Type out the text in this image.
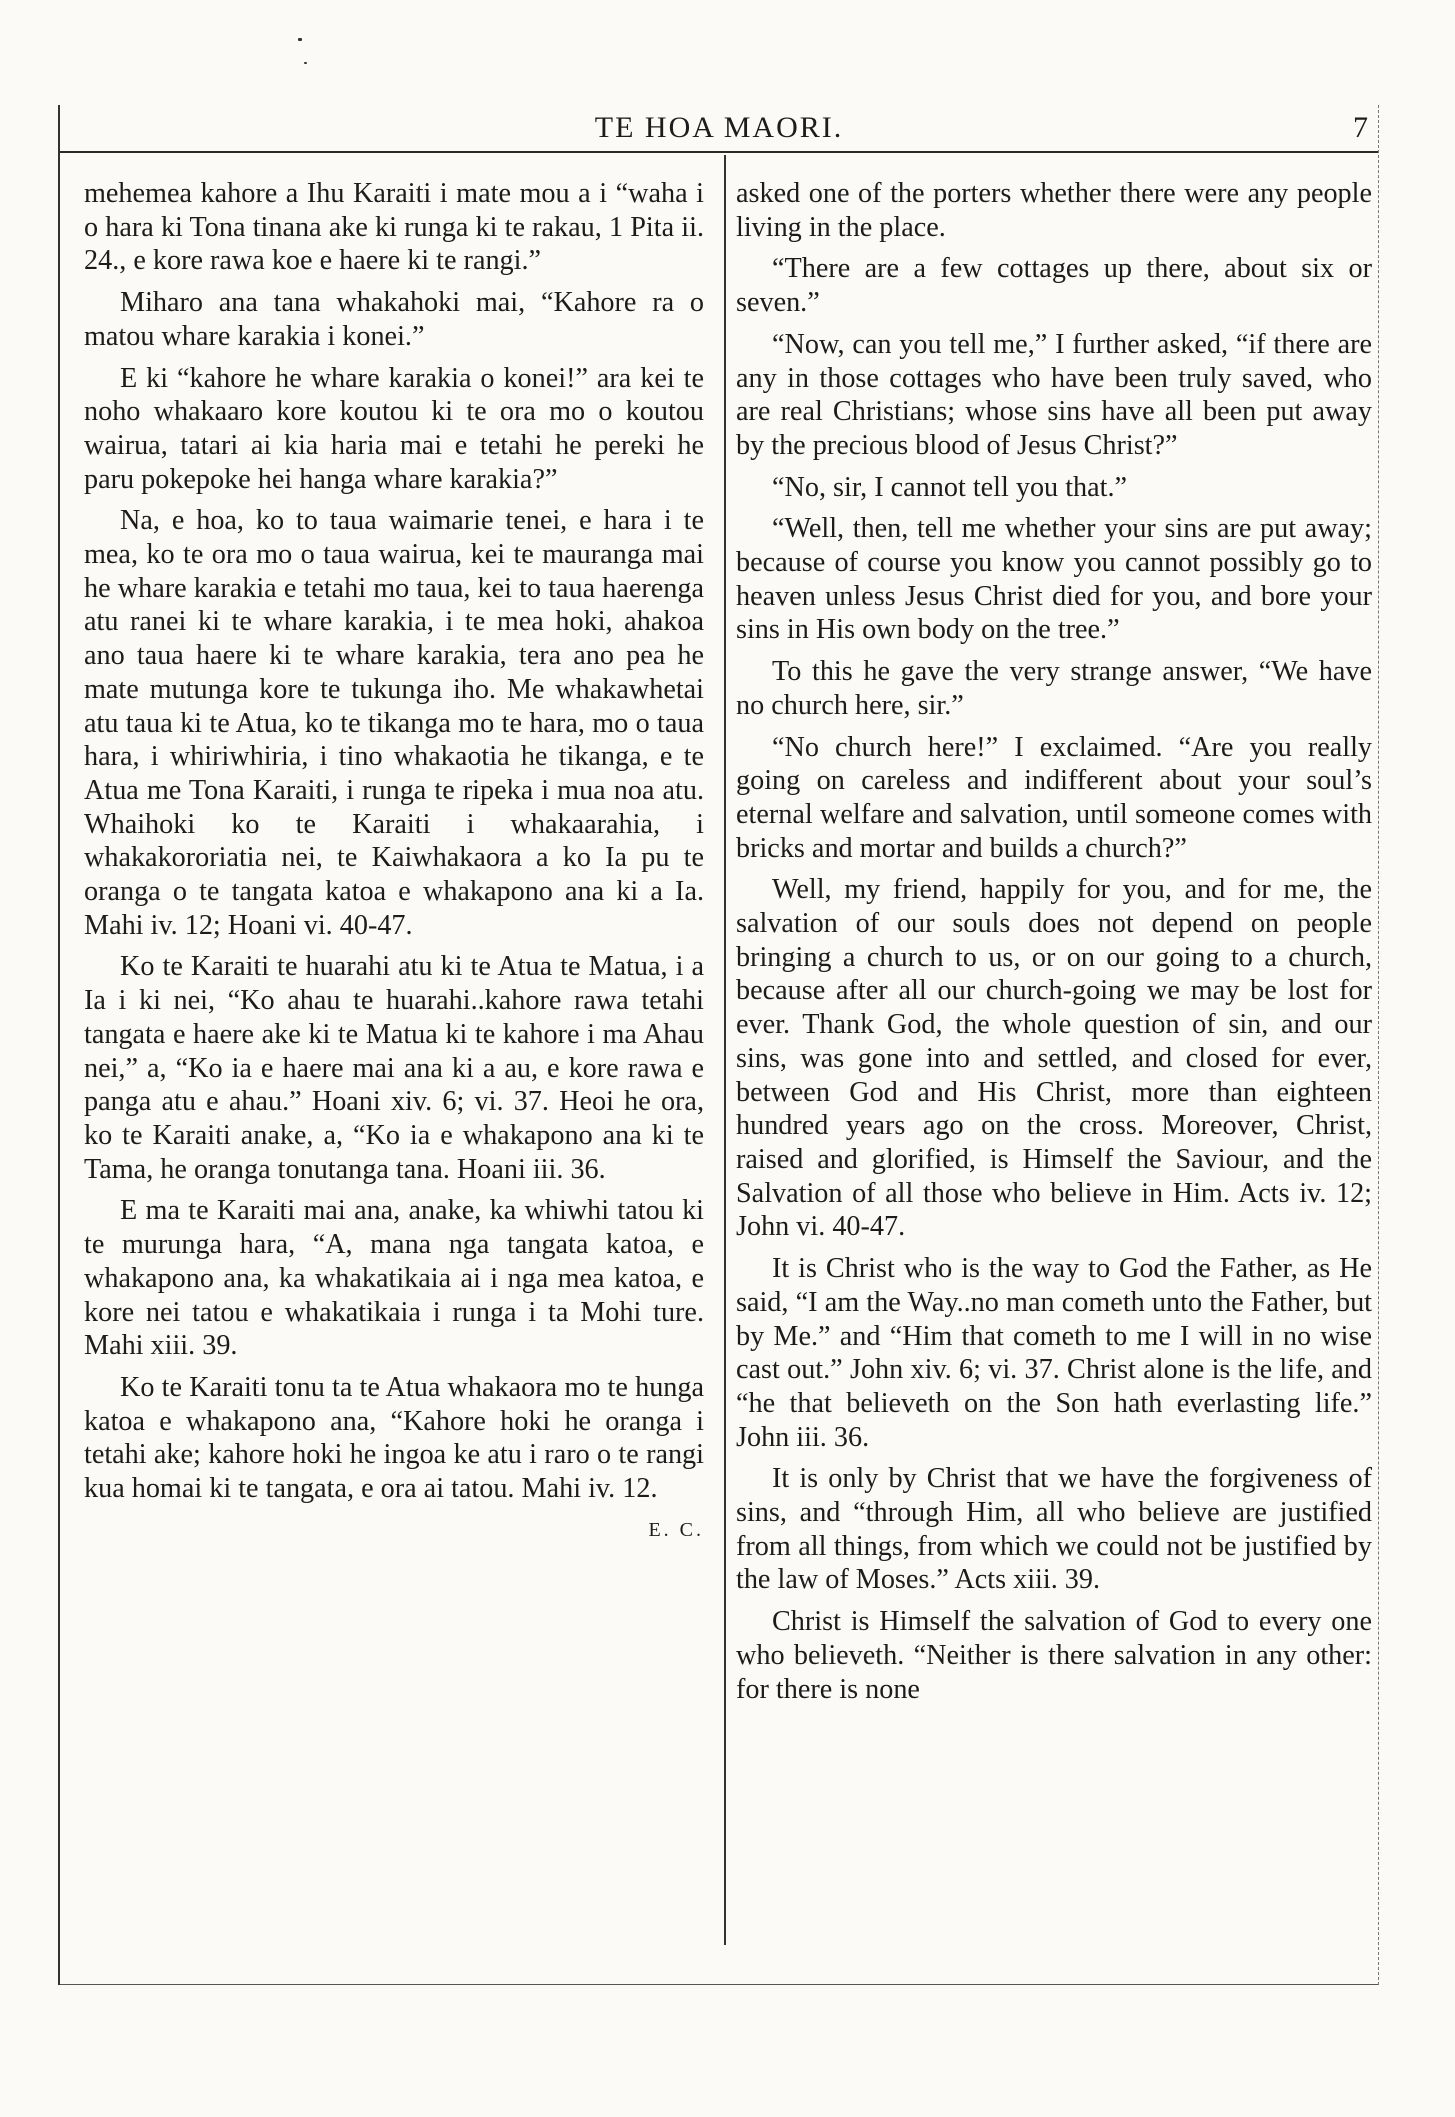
TE HOA MAORI.	7

mehemea kahore a Ihu Karaiti i mate mou a i “waha i o hara ki Tona tinana ake ki runga ki te rakau, 1 Pita ii. 24., e kore rawa koe e haere ki te rangi.”

Miharo ana tana whakahoki mai, “Kahore ra o matou whare karakia i konei.”

E ki “kahore he whare karakia o konei!” ara kei te noho whakaaro kore koutou ki te ora mo o koutou wairua, tatari ai kia haria mai e tetahi he pereki he paru pokepoke hei hanga whare karakia?”

Na, e hoa, ko to taua waimarie tenei, e hara i te mea, ko te ora mo o taua wairua, kei te mauranga mai he whare karakia e tetahi mo taua, kei to taua haerenga atu ranei ki te whare karakia, i te mea hoki, ahakoa ano taua haere ki te whare karakia, tera ano pea he mate mutunga kore te tukunga iho. Me whakawhetai atu taua ki te Atua, ko te tikanga mo te hara, mo o taua hara, i whiriwhiria, i tino whakaotia he tikanga, e te Atua me Tona Karaiti, i runga te ripeka i mua noa atu. Whaihoki ko te Karaiti i whakaarahia, i whakakororiatia nei, te Kaiwhakaora a ko Ia pu te oranga o te tangata katoa e whakapono ana ki a Ia. Mahi iv. 12; Hoani vi. 40-47.

Ko te Karaiti te huarahi atu ki te Atua te Matua, i a Ia i ki nei, “Ko ahau te huarahi..kahore rawa tetahi tangata e haere ake ki te Matua ki te kahore i ma Ahau nei,” a, “Ko ia e haere mai ana ki a au, e kore rawa e panga atu e ahau.” Hoani xiv. 6; vi. 37. Heoi he ora, ko te Karaiti anake, a, “Ko ia e whakapono ana ki te Tama, he oranga tonutanga tana. Hoani iii. 36.

E ma te Karaiti mai ana, anake, ka whiwhi tatou ki te murunga hara, “A, mana nga tangata katoa, e whakapono ana, ka whakatikaia ai i nga mea katoa, e kore nei tatou e whakatikaia i runga i ta Mohi ture. Mahi xiii. 39.

Ko te Karaiti tonu ta te Atua whakaora mo te hunga katoa e whakapono ana, “Kahore hoki he oranga i tetahi ake; kahore hoki he ingoa ke atu i raro o te rangi kua homai ki te tangata, e ora ai tatou. Mahi iv. 12.

E. C.

asked one of the porters whether there were any people living in the place.

“There are a few cottages up there, about six or seven.”

“Now, can you tell me,” I further asked, “if there are any in those cottages who have been truly saved, who are real Christians; whose sins have all been put away by the precious blood of Jesus Christ?”

“No, sir, I cannot tell you that.”

“Well, then, tell me whether your sins are put away; because of course you know you cannot possibly go to heaven unless Jesus Christ died for you, and bore your sins in His own body on the tree.”

To this he gave the very strange answer, “We have no church here, sir.”

“No church here!” I exclaimed. “Are you really going on careless and indifferent about your soul’s eternal welfare and salvation, until someone comes with bricks and mortar and builds a church?”

Well, my friend, happily for you, and for me, the salvation of our souls does not depend on people bringing a church to us, or on our going to a church, because after all our church-going we may be lost for ever. Thank God, the whole question of sin, and our sins, was gone into and settled, and closed for ever, between God and His Christ, more than eighteen hundred years ago on the cross. Moreover, Christ, raised and glorified, is Himself the Saviour, and the Salvation of all those who believe in Him. Acts iv. 12; John vi. 40-47.

It is Christ who is the way to God the Father, as He said, “I am the Way..no man cometh unto the Father, but by Me.” and “Him that cometh to me I will in no wise cast out.” John xiv. 6; vi. 37. Christ alone is the life, and “he that believeth on the Son hath everlasting life.” John iii. 36.

It is only by Christ that we have the forgiveness of sins, and “through Him, all who believe are justified from all things, from which we could not be justified by the law of Moses.” Acts xiii. 39.

Christ is Himself the salvation of God to every one who believeth. “Neither is there salvation in any other: for there is none
